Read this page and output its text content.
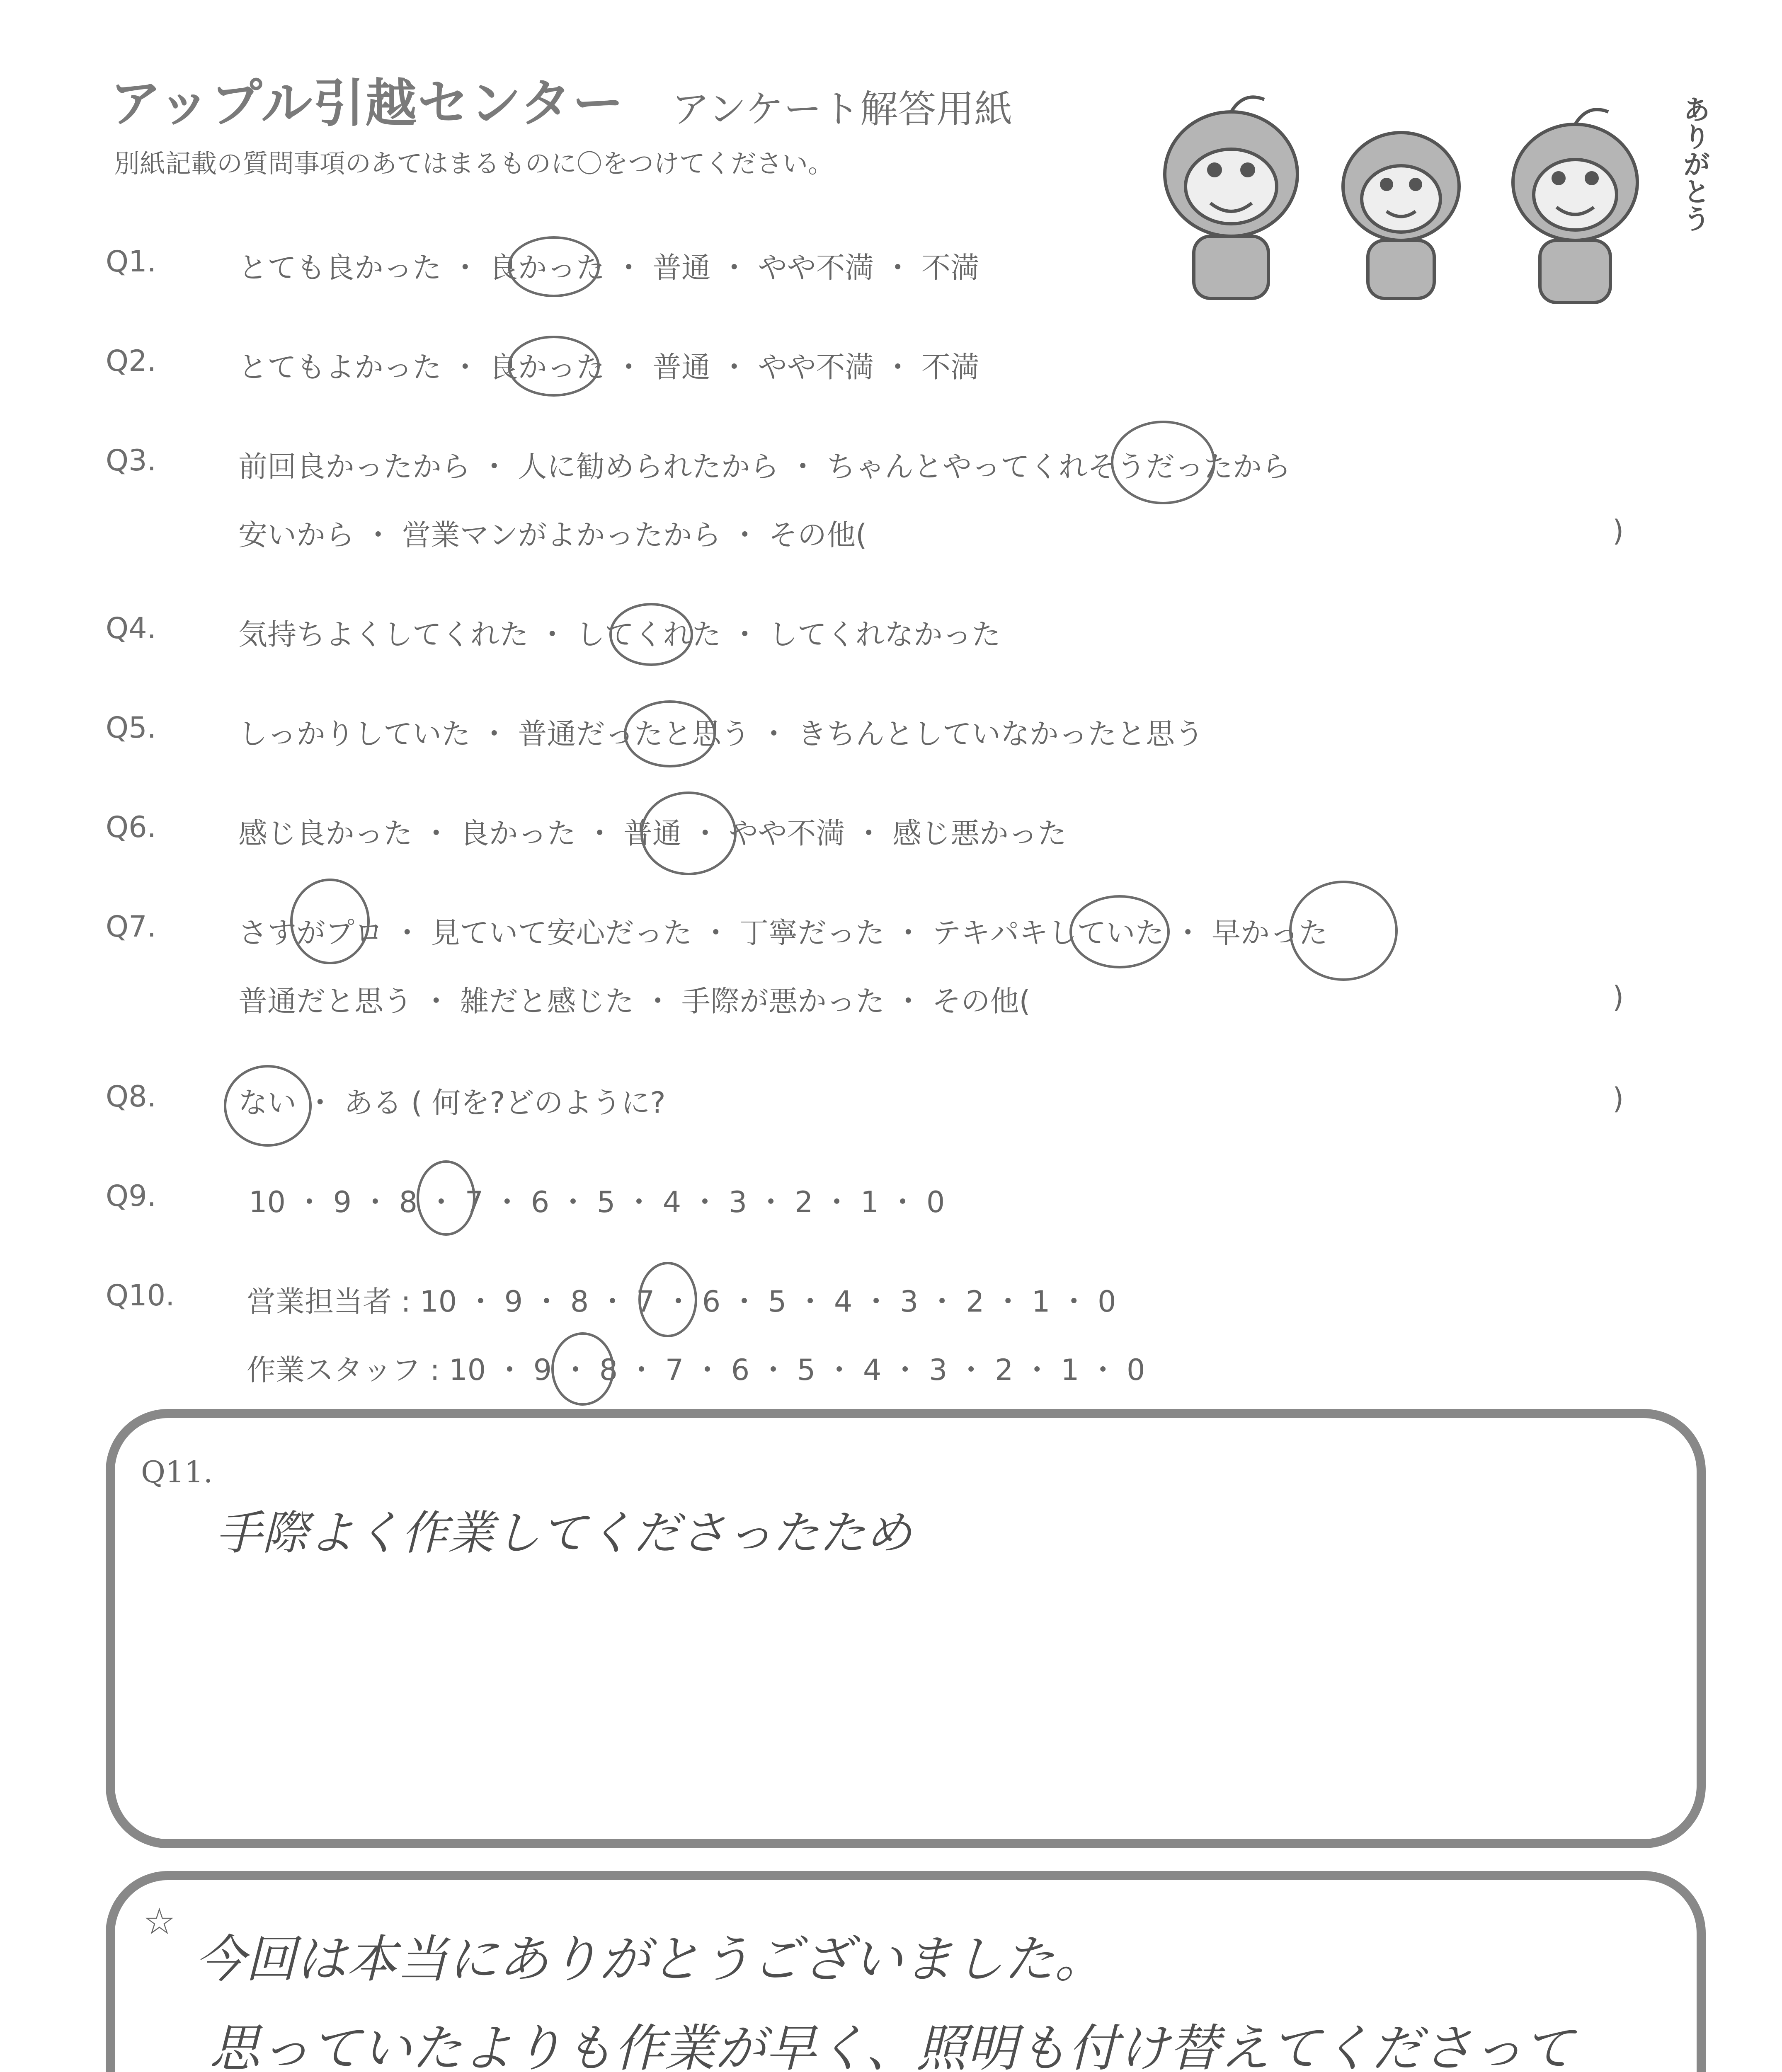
アップル引越センター アンケート解答用紙
別紙記載の質問事項のあてはまるものに〇をつけてください。	ありがとう
Q1.	とても良かった ・ 良かった ・ 普通 ・ やや不満 ・ 不満
Q2.	とてもよかった ・ 良かった ・ 普通 ・ やや不満 ・ 不満
Q3.	前回良かったから ・ 人に勧められたから ・ ちゃんとやってくれそうだったから
安いから ・ 営業マンがよかったから ・ その他(	)
Q4.	気持ちよくしてくれた ・ してくれた ・ してくれなかった
Q5.	しっかりしていた ・ 普通だったと思う ・ きちんとしていなかったと思う
Q6.	感じ良かった ・ 良かった ・ 普通 ・ やや不満 ・ 感じ悪かった
Q7.	さすがプロ ・ 見ていて安心だった ・ 丁寧だった ・ テキパキしていた ・ 早かった
普通だと思う ・ 雑だと感じた ・ 手際が悪かった ・ その他(	)
Q8.	ない ・ ある ( 何を?どのように?	)
Q9.	10 ・ 9 ・ 8 ・ 7 ・ 6 ・ 5 ・ 4 ・ 3 ・ 2 ・ 1 ・ 0
Q10. 営業担当者 : 10 ・ 9 ・ 8 ・ 7 ・ 6 ・ 5 ・ 4 ・ 3 ・ 2 ・ 1 ・ 0
作業スタッフ : 10 ・ 9 ・ 8 ・ 7 ・ 6 ・ 5 ・ 4 ・ 3 ・ 2 ・ 1 ・ 0
Q11.
手際よく作業してくださったため
☆
今回は本当にありがとうございました。
思っていたよりも作業が早く、照明も付け替えてくださって
